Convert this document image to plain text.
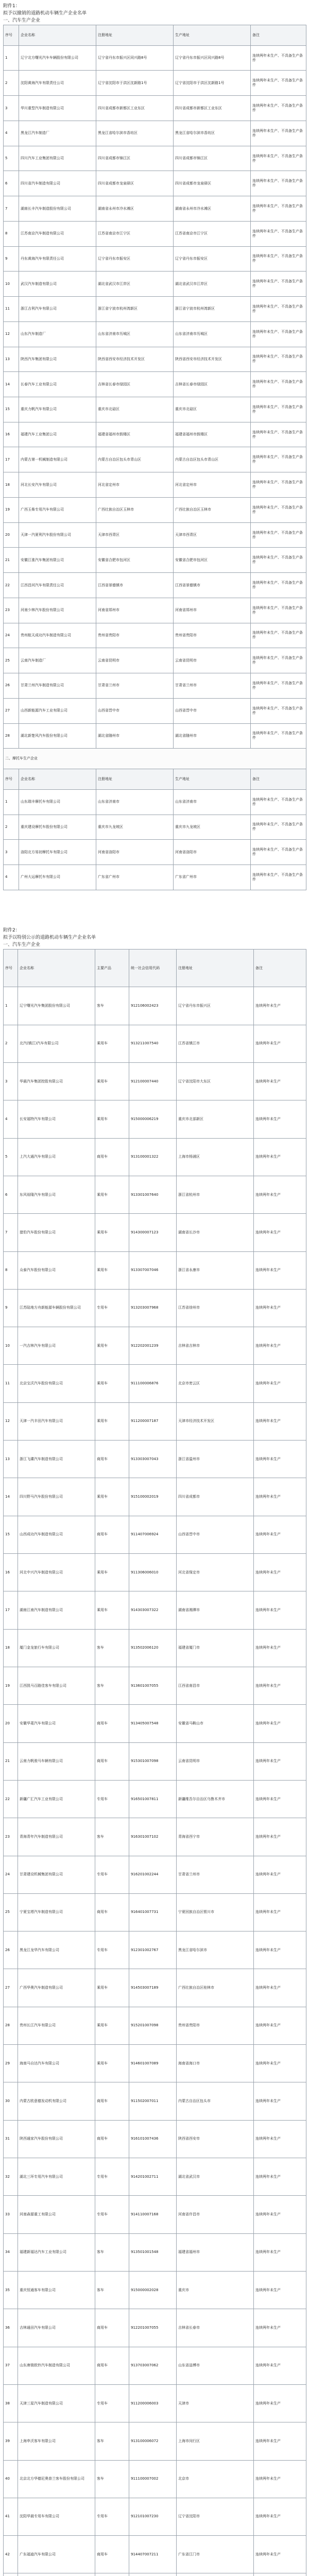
附件1：
拟予以撤销的道路机动车辆生产企业名单
一、汽车生产企业
序号	企业名称	注册地址	生产地址	备注
1	辽宁北方曙光汽车车辆股份有限公司	辽宁省丹东市振兴区同兴路8号	辽宁省丹东市振兴区同兴路8号	连续两年未生产、不具备生产条件
2	沈阳黄海汽车有限责任公司	辽宁省沈阳市于洪区沈新路1号	辽宁省沈阳市于洪区沈新路1号	连续两年未生产、不具备生产条件
3	华川重型汽车制造有限公司	四川省成都市新都区工业东区	四川省成都市新都区工业东区	连续两年未生产、不具备生产条件
4	黑龙江汽车制造厂	黑龙江省哈尔滨市香坊区	黑龙江省哈尔滨市香坊区	连续两年未生产、不具备生产条件
5	四川汽车工业集团有限公司	四川省成都市锦江区	四川省成都市锦江区	连续两年未生产、不具备生产条件
6	四川省汽车制造有限公司	四川省成都市龙泉驿区	四川省成都市龙泉驿区	连续两年未生产、不具备生产条件
7	湖南长丰汽车制造股份有限公司	湖南省永州市冷水滩区	湖南省永州市冷水滩区	连续两年未生产、不具备生产条件
8	江苏南京汽车制造有限公司	江苏省南京市江宁区	江苏省南京市江宁区	连续两年未生产、不具备生产条件
9	丹东黄海汽车有限责任公司	辽宁省丹东市振安区	辽宁省丹东市振安区	连续两年未生产、不具备生产条件
10	武汉汽车制造有限公司	湖北省武汉市江岸区	湖北省武汉市江岸区	连续两年未生产、不具备生产条件
11	浙江吉利汽车有限公司	浙江省宁波市杭州湾新区	浙江省宁波市杭州湾新区	连续两年未生产、不具备生产条件
12	山东汽车制造厂	山东省济南市历城区	山东省济南市历城区	连续两年未生产、不具备生产条件
13	陕西汽车集团有限公司	陕西省西安市经济技术开发区	陕西省西安市经济技术开发区	连续两年未生产、不具备生产条件
14	长春汽车工业有限公司	吉林省长春市绿园区	吉林省长春市绿园区	连续两年未生产、不具备生产条件
15	重庆力帆汽车有限公司	重庆市北碚区	重庆市北碚区	连续两年未生产、不具备生产条件
16	福建汽车工业集团公司	福建省福州市鼓楼区	福建省福州市鼓楼区	连续两年未生产、不具备生产条件
17	内蒙古第一机械制造有限公司	内蒙古自治区包头市青山区	内蒙古自治区包头市青山区	连续两年未生产、不具备生产条件
18	河北长安汽车有限公司	河北省定州市	河北省定州市	连续两年未生产、不具备生产条件
19	广西玉柴专用汽车有限公司	广西壮族自治区玉林市	广西壮族自治区玉林市	连续两年未生产、不具备生产条件
20	天津一汽夏利汽车股份有限公司	天津市西青区	天津市西青区	连续两年未生产、不具备生产条件
21	安徽江淮汽车集团有限公司	安徽省合肥市包河区	安徽省合肥市包河区	连续两年未生产、不具备生产条件
22	江西昌河汽车有限责任公司	江西省景德镇市	江西省景德镇市	连续两年未生产、不具备生产条件
23	河南少林汽车股份有限公司	河南省郑州市	河南省郑州市	连续两年未生产、不具备生产条件
24	贵州航天成功汽车制造有限公司	贵州省贵阳市	贵州省贵阳市	连续两年未生产、不具备生产条件
25	云南汽车制造厂	云南省昆明市	云南省昆明市	连续两年未生产、不具备生产条件
26	甘肃兰州汽车制造有限公司	甘肃省兰州市	甘肃省兰州市	连续两年未生产、不具备生产条件
27	山西新能源汽车工业有限公司	山西省晋中市	山西省晋中市	连续两年未生产、不具备生产条件
28	湖北新楚风汽车股份有限公司	湖北省随州市	湖北省随州市	连续两年未生产、不具备生产条件
二、摩托车生产企业				
序号	企业名称	注册地址	生产地址	备注
1	山东瑞丰摩托车有限公司	山东省济南市	山东省济南市	连续两年未生产、不具备生产条件
2	重庆建设摩托车股份有限公司	重庆市九龙坡区	重庆市九龙坡区	连续两年未生产、不具备生产条件
3	洛阳北方易初摩托车有限公司	河南省洛阳市	河南省洛阳市	连续两年未生产、不具备生产条件
4	广州大运摩托车有限公司	广东省广州市	广东省广州市	连续两年未生产、不具备生产条件
附件2：
拟予以特别公示的道路机动车辆生产企业名单
一、汽车生产企业
序号	企业名称	主要产品	统一社会信用代码	注册地址	备注
1	辽宁曙光汽车集团股份有限公司	客车	912106002423	辽宁省丹东市振兴区	连续两年未生产
2	北汽(镇江)汽车有限公司	乘用车	913211007540	江苏省镇江市	连续两年未生产
3	华晨汽车集团控股有限公司	乘用车	912100007440	辽宁省沈阳市大东区	连续两年未生产
4	长安福特汽车有限公司	乘用车	915000006219	重庆市北部新区	连续两年未生产
5	上汽大通汽车有限公司	商用车	913100001322	上海市杨浦区	连续两年未生产
6	东风裕隆汽车有限公司	乘用车	913301007640	浙江省杭州市	连续两年未生产
7	猎豹汽车股份有限公司	乘用车	914300007123	湖南省长沙市	连续两年未生产
8	众泰汽车股份有限公司	乘用车	913307007046	浙江省永康市	连续两年未生产
9	江苏陆地方舟新能源车辆股份有限公司	专用车	913203007968	江苏省徐州市	连续两年未生产
10	一汽吉林汽车有限公司	乘用车	912202001239	吉林省吉林市	连续两年未生产
11	北京宝沃汽车股份有限公司	乘用车	911100006876	北京市密云区	连续两年未生产
12	天津一汽丰田汽车有限公司	乘用车	911200007187	天津市经济技术开发区	连续两年未生产
13	浙江飞碟汽车制造有限公司	商用车	913303007043	浙江省温州市	连续两年未生产
14	四川野马汽车股份有限公司	乘用车	915100002019	四川省成都市	连续两年未生产
15	山西成功汽车制造有限公司	商用车	911407006924	山西省晋中市	连续两年未生产
16	河北中兴汽车制造有限公司	乘用车	911306006010	河北省保定市	连续两年未生产
17	湖南江南汽车制造有限公司	乘用车	914303007322	湖南省湘潭市	连续两年未生产
18	厦门金龙旅行车有限公司	客车	913502006120	福建省厦门市	连续两年未生产
19	江西凯马百路佳客车有限公司	客车	913601007055	江西省南昌市	连续两年未生产
20	安徽华菱汽车有限公司	商用车	913405007548	安徽省马鞍山市	连续两年未生产
21	云南力帆骏马车辆有限公司	商用车	915301007098	云南省昆明市	连续两年未生产
22	新疆广汇汽车工业有限公司	专用车	916501007811	新疆维吾尔自治区乌鲁木齐市	连续两年未生产
23	青海青年汽车制造有限公司	客车	916301007102	青海省西宁市	连续两年未生产
24	甘肃建设机械集团有限公司	专用车	916201002244	甘肃省兰州市	连续两年未生产
25	宁夏宝塔汽车制造有限公司	商用车	916401007731	宁夏回族自治区银川市	连续两年未生产
26	黑龙江龙华汽车有限公司	专用车	912301002767	黑龙江省哈尔滨市	连续两年未生产
27	广西华奥汽车制造有限公司	乘用车	914503007189	广西壮族自治区桂林市	连续两年未生产
28	贵州长江汽车有限公司	乘用车	915201007098	贵州省贵阳市	连续两年未生产
29	海南马自达汽车有限公司	乘用车	914601007089	海南省海口市	连续两年未生产
30	内蒙古欧意德发动机有限公司	商用车	911502007011	内蒙古自治区包头市	连续两年未生产
31	陕西通家汽车股份有限公司	商用车	916101007436	陕西省西安市	连续两年未生产
32	湖北三环专用汽车有限公司	专用车	914201002711	湖北省武汉市	连续两年未生产
33	河南森源重工有限公司	专用车	914110007168	河南省许昌市	连续两年未生产
34	福建新福达汽车工业有限公司	客车	913501001548	福建省福州市	连续两年未生产
35	重庆恒通客车有限公司	客车	915000002028	重庆市	连续两年未生产
36	吉林通田汽车有限公司	商用车	912201007055	吉林省长春市	连续两年未生产
37	山东唐骏欧铃汽车制造有限公司	商用车	913703007062	山东省淄博市	连续两年未生产
38	天津三星汽车制造有限公司	专用车	911200006003	天津市	连续两年未生产
39	上海申沃客车有限公司	客车	913100006072	上海市闵行区	连续两年未生产
40	北京北方华德尼奥普兰客车股份有限公司	客车	911100007002	北京市	连续两年未生产
41	沈阳华晨专用车有限公司	专用车	912101007230	辽宁省沈阳市	连续两年未生产
42	广东福迪汽车有限公司	商用车	914407007211	广东省江门市	连续两年未生产
